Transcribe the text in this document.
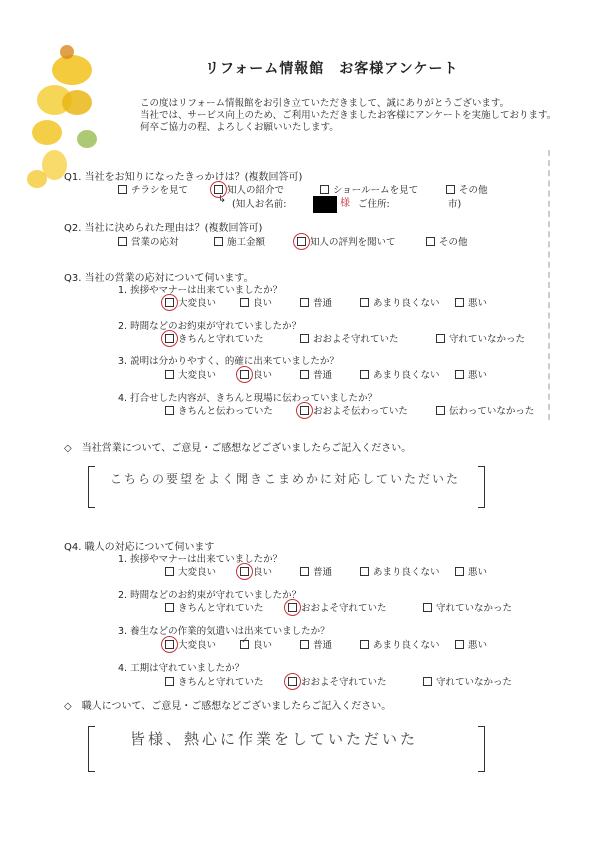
リフォーム情報館　お客様アンケート
この度はリフォーム情報館をお引き立ていただきまして、誠にありがとうございます。
当社では、サービス向上のため、ご利用いただきましたお客様にアンケートを実施しております。
何卒ご協力の程、よろしくお願いいたします。
Q1. 当社をお知りになったきっかけは？(複数回答可)
チラシを見て	知人の紹介で	ショールームを見て	その他
↳ (知人お名前:	様 ご住所:	市)
Q2. 当社に決められた理由は？(複数回答可)
営業の応対	施工金額	知人の評判を聞いて	その他
Q3. 当社の営業の応対について伺います。
1. 挨拶やマナーは出来ていましたか？
大変良い	良い	普通	あまり良くない	悪い
2. 時間などのお約束が守れていましたか？
きちんと守れていた	おおよそ守れていた	守れていなかった
3. 説明は分かりやすく、的確に出来ていましたか？
大変良い	良い	普通	あまり良くない	悪い
4. 打合せした内容が、きちんと現場に伝わっていましたか？
きちんと伝わっていた	おおよそ伝わっていた	伝わっていなかった
◇　当社営業について、ご意見・ご感想などございましたらご記入ください。
こちらの要望をよく聞きこまめかに対応していただいた
Q4. 職人の対応について伺います
1. 挨拶やマナーは出来ていましたか？
大変良い	良い	普通	あまり良くない	悪い
2. 時間などのお約束が守れていましたか？
きちんと守れていた	おおよそ守れていた	守れていなかった
3. 養生などの作業的気遣いは出来ていましたか？
大変良い
✓	良い	普通	あまり良くない	悪い
4. 工期は守れていましたか？
きちんと守れていた	おおよそ守れていた	守れていなかった
◇　職人について、ご意見・ご感想などございましたらご記入ください。
皆様、熱心に作業をしていただいた
